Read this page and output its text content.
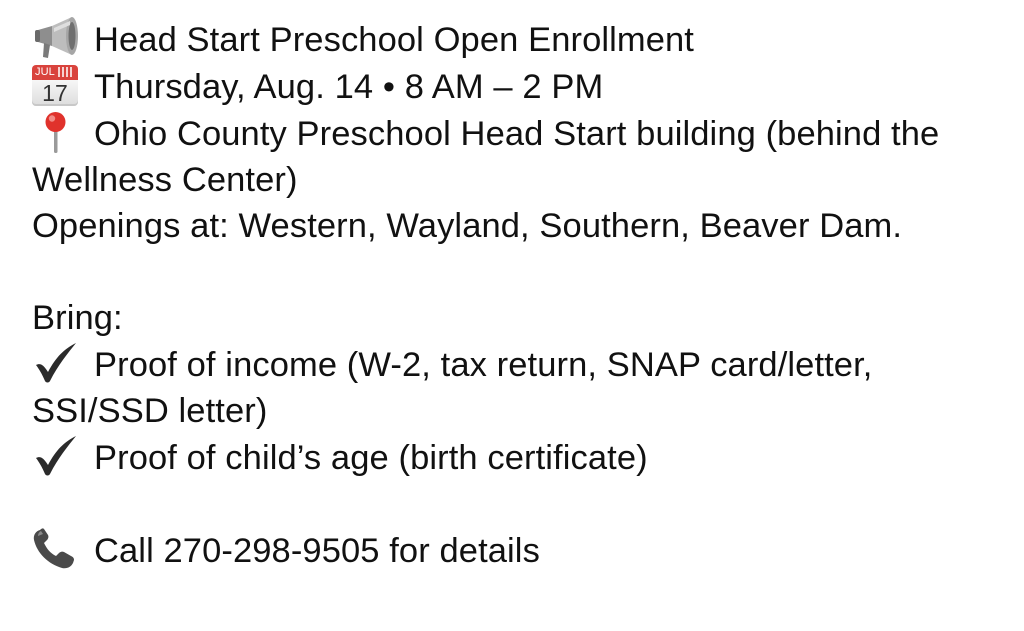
Head Start Preschool Open Enrollment
JUL
17 Thursday, Aug. 14 • 8 AM – 2 PM
Ohio County Preschool Head Start building (behind the Wellness Center)
Openings at: Western, Wayland, Southern, Beaver Dam.
Bring:
Proof of income (W-2, tax return, SNAP card/letter, SSI/SSD letter)
Proof of child’s age (birth certificate)
Call 270-298-9505 for details
